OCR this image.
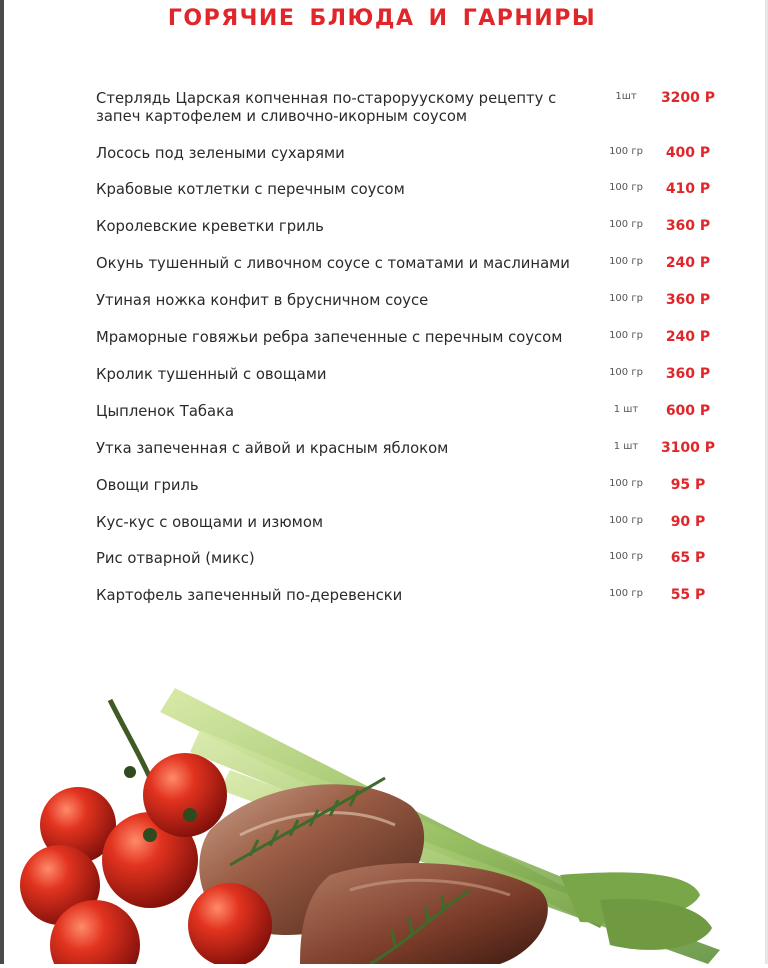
ГОРЯЧИЕ БЛЮДА И ГАРНИРЫ
Стерлядь Царская копченная по-староруускому рецепту с
запеч картофелем и сливочно-икорным соусом
1шт	3200 Р
Лосось под зелеными сухарями	100 гр	400 Р
Крабовые котлетки с перечным соусом	100 гр	410 Р
Королевские креветки гриль	100 гр	360 Р
Окунь тушенный с ливочном соусе с томатами и маслинами	100 гр	240 Р
Утиная ножка конфит в брусничном соусе	100 гр	360 Р
Мраморные говяжьи ребра запеченные с перечным соусом	100 гр	240 Р
Кролик тушенный с овощами	100 гр	360 Р
Цыпленок Табака	1 шт	600 Р
Утка запеченная с айвой и красным яблоком	1 шт	3100 Р
Овощи гриль	100 гр	95 Р
Кус-кус с овощами и изюмом	100 гр	90 Р
Рис отварной (микс)	100 гр	65 Р
Картофель запеченный по-деревенски	100 гр	55 Р
